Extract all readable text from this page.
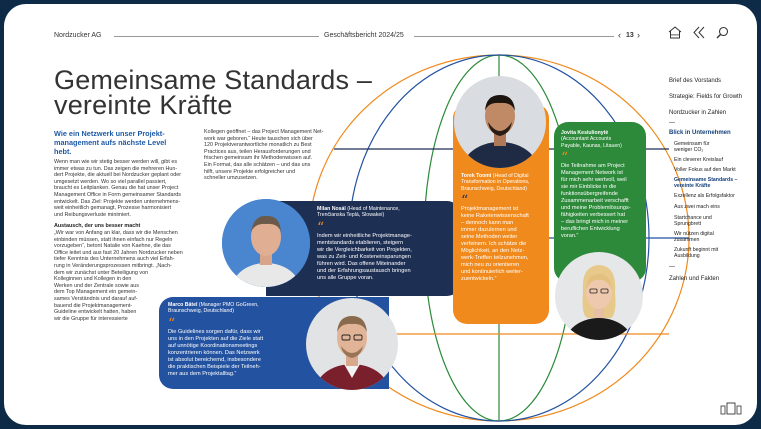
Nordzucker AG	Geschäftsbericht 2024/25	‹ 13 ›
Gemeinsame Standards –
vereinte Kräfte
Wie ein Netzwerk unser Projekt-
management aufs nächste Level hebt.
Wenn man wie wir stetig besser werden will, gibt es
immer etwas zu tun. Das zeigen die mehreren Hun-
dert Projekte, die aktuell bei Nordzucker geplant oder
umgesetzt werden. Wo so viel parallel passiert,
braucht es Leitplanken. Genau die hat unser Project
Management Office in Form gemeinsamer Standards
entwickelt. Das Ziel: Projekte werden unternehmens-
weit einheitlich gemanagt, Prozesse harmonisiert
und Reibungsverluste minimiert.
Austausch, der uns besser macht
„Wir war von Anfang an klar, dass wir die Menschen
einbinden müssen, statt ihnen einfach nur Regeln
vorzugeben“, betont Natalie von Kaehne, die das
Office leitet und aus fast 20 Jahren Nordzucker neben
tiefer Kenntnis des Unternehmens auch viel Erfah-
rung in Veränderungsprozessen mitbringt. „Nach-
dem wir zunächst unter Beteiligung von
Kolleginnen und Kollegen in den
Werken und der Zentrale sowie aus
dem Top Management ein gemein-
sames Verständnis und darauf auf-
bauend die Projektmanagement-
Guideline entwickelt hatten, haben
wir die Gruppe für interessierte
Kollegen geöffnet – das Project Management Net-
work war geboren.“ Heute tauschen sich über
120 Projektverantwortliche monatlich zu Best
Practices aus, teilen Herausforderungen und
frischen gemeinsam ihr Methodenwissen auf.
Ein Format, das alle schätzen – und das uns
hilft, unsere Projekte erfolgreicher und
schneller umzusetzen.
Milan Nosál (Head of Maintenance,
Trenčianska Teplá, Slowakei)
“
Indem wir einheitliche Projektmanage-
mentstandards etablieren, steigern
wir die Vergleichbarkeit von Projekten,
was zu Zeit- und Kosteneinsparungen
führen wird. Das offene Miteinander
und der Erfahrungsaustausch bringen
uns alle Gruppe voran.
Torek Toomi (Head of Digital
Transformation in Operations,
Braunschweig, Deutschland)
“
Projektmanagement ist
keine Raketenwissenschaft
– dennoch kann man
immer dazulernen und
seine Methoden weiter
verfeinern. Ich schätze die
Möglichkeit, an den Netz-
werk-Treffen teilzunehmen,
mich neu zu orientieren
und kontinuierlich weiter-
zuentwickeln.“
Jovita Kesiulionytė
(Accountant Accounts
Payable, Kaunas, Litauen)
“
Die Teilnahme am Project
Management Network ist
für mich sehr wertvoll, weil
sie mir Einblicke in die
funktionsübergreifende
Zusammenarbeit verschafft
und meine Problemlösungs-
fähigkeiten verbessert hat
– das bringt mich in meiner
beruflichen Entwicklung
voran.“
Marco Bätel (Manager PMO GoGreen,
Braunschweig, Deutschland)
“
Die Guidelines sorgen dafür, dass wir
uns in den Projekten auf die Ziele statt
auf unnötige Koordinationsmeetings
konzentrieren können. Das Netzwerk
ist absolut bereichernd, insbesondere
die praktischen Beispiele der Teilneh-
mer aus dem Projektalltag.“
Brief des Vorstands
Strategie: Fields for Growth
Nordzucker in Zahlen
—
Blick in Unternehmen
Gemeinsam für
weniger CO₂
Ein cleverer Kreislauf
Voller Fokus auf den Markt
Gemeinsame Standards –
vereinte Kräfte
Exzellenz als Erfolgsfaktor
Aus zwei mach eins
Startchance und
Sprungbrett
Wir nützen digital
zusammen
Zukunft beginnt mit
Ausbildung
—
Zahlen und Fakten
